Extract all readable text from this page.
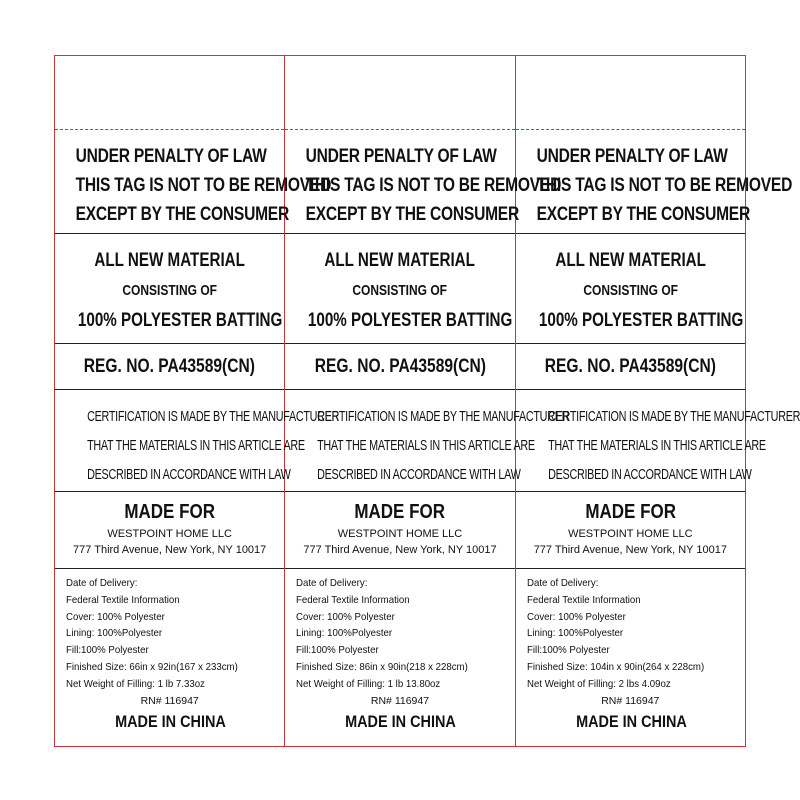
UNDER PENALTY OF LAW
THIS TAG IS NOT TO BE REMOVED
EXCEPT BY THE CONSUMER
ALL NEW MATERIAL
CONSISTING OF
100% POLYESTER BATTING
REG. NO. PA43589(CN)
CERTIFICATION IS MADE BY THE MANUFACTURER
THAT THE MATERIALS IN THIS ARTICLE ARE
DESCRIBED IN ACCORDANCE WITH LAW
MADE FOR
WESTPOINT HOME LLC
777 Third Avenue, New York, NY 10017
Date of Delivery:
Federal Textile Information
Cover: 100% Polyester
Lining: 100%Polyester
Fill:100% Polyester
Finished Size: 66in x 92in(167 x 233cm)
Net Weight of Filling: 1 lb 7.33oz
RN# 116947
MADE IN CHINA
UNDER PENALTY OF LAW
THIS TAG IS NOT TO BE REMOVED
EXCEPT BY THE CONSUMER
ALL NEW MATERIAL
CONSISTING OF
100% POLYESTER BATTING
REG. NO. PA43589(CN)
CERTIFICATION IS MADE BY THE MANUFACTURER
THAT THE MATERIALS IN THIS ARTICLE ARE
DESCRIBED IN ACCORDANCE WITH LAW
MADE FOR
WESTPOINT HOME LLC
777 Third Avenue, New York, NY 10017
Date of Delivery:
Federal Textile Information
Cover: 100% Polyester
Lining: 100%Polyester
Fill:100% Polyester
Finished Size: 86in x 90in(218 x 228cm)
Net Weight of Filling: 1 lb 13.80oz
RN# 116947
MADE IN CHINA
UNDER PENALTY OF LAW
THIS TAG IS NOT TO BE REMOVED
EXCEPT BY THE CONSUMER
ALL NEW MATERIAL
CONSISTING OF
100% POLYESTER BATTING
REG. NO. PA43589(CN)
CERTIFICATION IS MADE BY THE MANUFACTURER
THAT THE MATERIALS IN THIS ARTICLE ARE
DESCRIBED IN ACCORDANCE WITH LAW
MADE FOR
WESTPOINT HOME LLC
777 Third Avenue, New York, NY 10017
Date of Delivery:
Federal Textile Information
Cover: 100% Polyester
Lining: 100%Polyester
Fill:100% Polyester
Finished Size: 104in x 90in(264 x 228cm)
Net Weight of Filling: 2 lbs 4.09oz
RN# 116947
MADE IN CHINA
